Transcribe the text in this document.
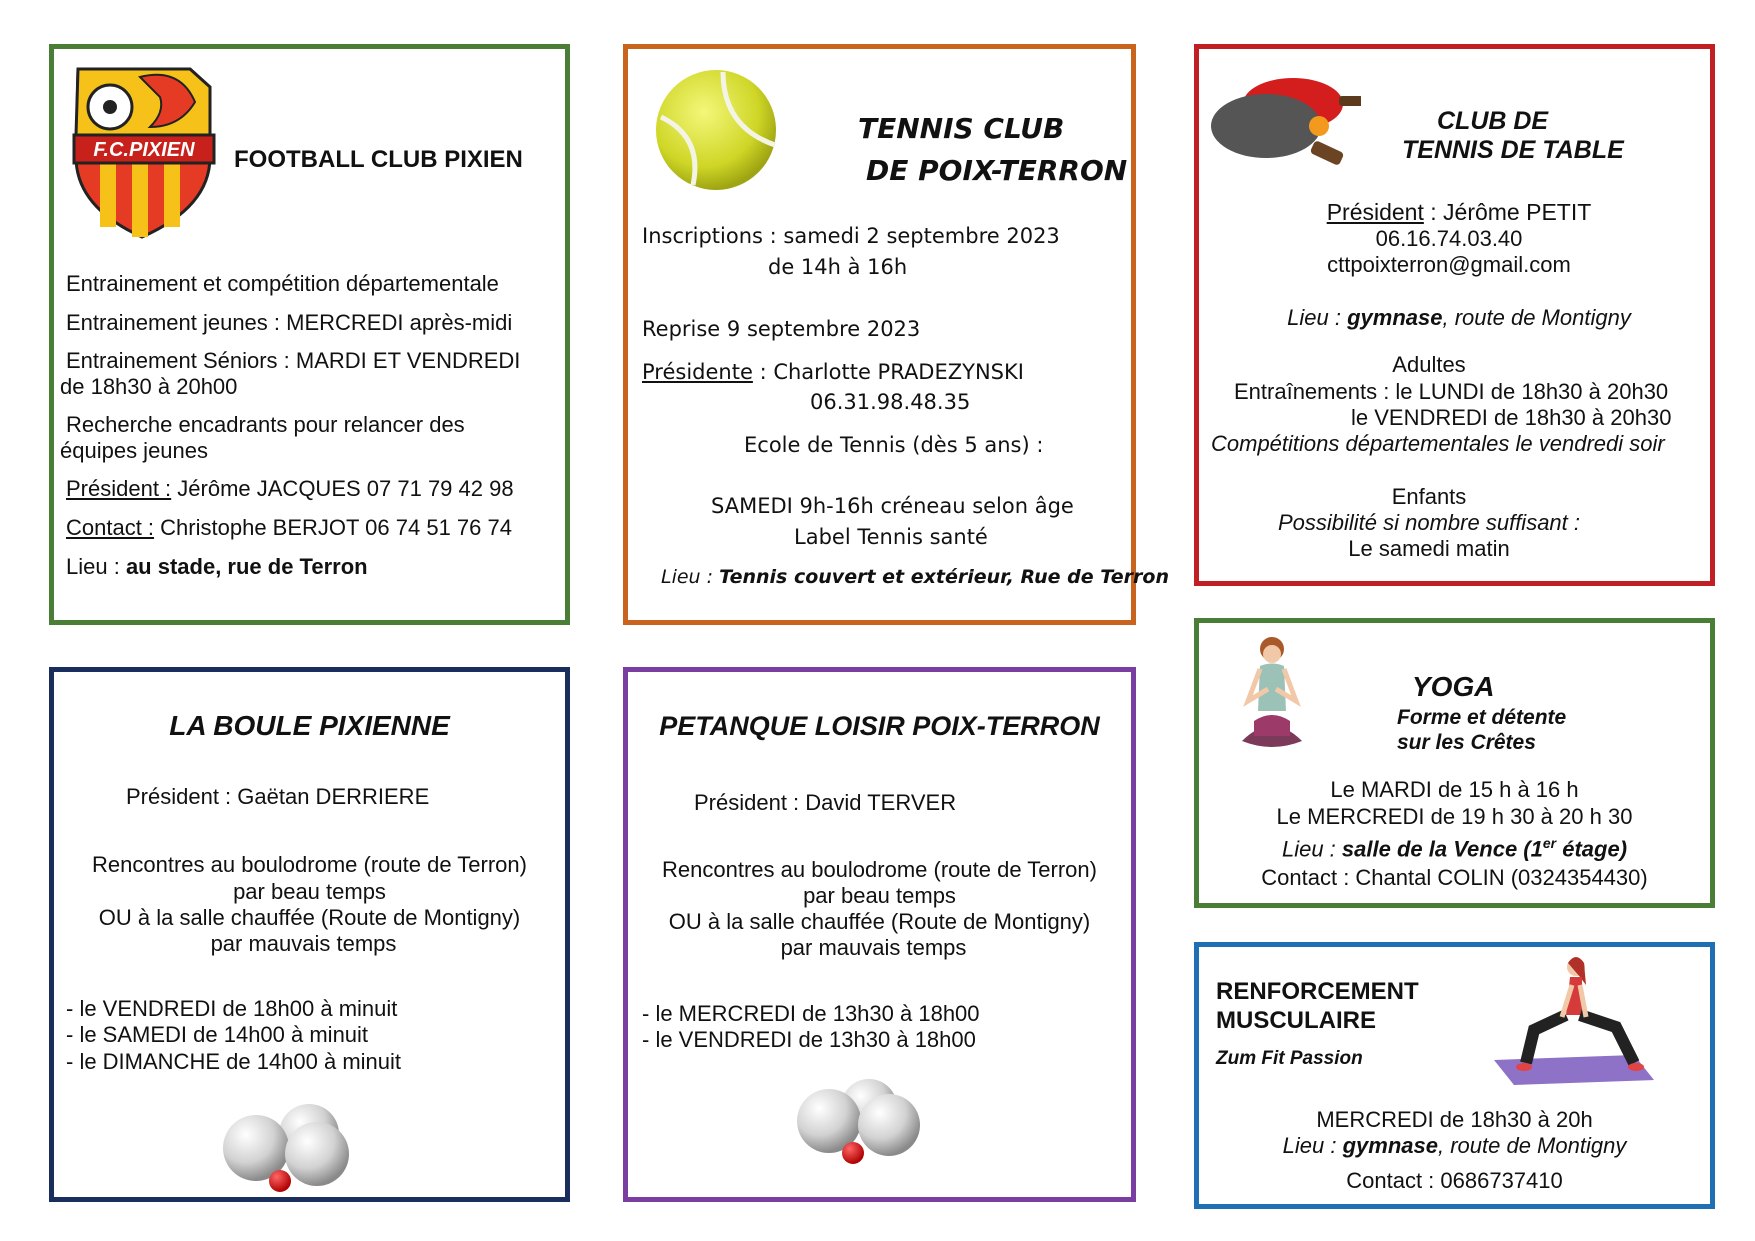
F.C.PIXIEN FOOTBALL CLUB PIXIEN
Entrainement et compétition départementale
Entrainement jeunes : MERCREDI après-midi
Entrainement Séniors : MARDI ET VENDREDI
de 18h30 à 20h00
Recherche encadrants pour relancer des
équipes jeunes
Président : Jérôme JACQUES 07 71 79 42 98
Contact : Christophe BERJOT 06 74 51 76 74
Lieu : au stade, rue de Terron
TENNIS CLUB
DE POIX-TERRON
Inscriptions : samedi 2 septembre 2023
de 14h à 16h
Reprise 9 septembre 2023
Présidente : Charlotte PRADEZYNSKI
06.31.98.48.35
Ecole de Tennis (dès 5 ans) :
SAMEDI 9h-16h créneau selon âge
Label Tennis santé
Lieu : Tennis couvert et extérieur, Rue de Terron
CLUB DE
TENNIS DE TABLE
Président : Jérôme PETIT
06.16.74.03.40
cttpoixterron@gmail.com
Lieu : gymnase, route de Montigny
Adultes
Entraînements : le LUNDI de 18h30 à 20h30
le VENDREDI de 18h30 à 20h30
Compétitions départementales le vendredi soir
Enfants
Possibilité si nombre suffisant :
Le samedi matin
LA BOULE PIXIENNE
Président : Gaëtan DERRIERE
Rencontres au boulodrome (route de Terron)
par beau temps
OU à la salle chauffée (Route de Montigny)
par mauvais temps
- le VENDREDI de 18h00 à minuit
- le SAMEDI de 14h00 à minuit
- le DIMANCHE de 14h00 à minuit
PETANQUE LOISIR POIX-TERRON
Président : David TERVER
Rencontres au boulodrome (route de Terron)
par beau temps
OU à la salle chauffée (Route de Montigny)
par mauvais temps
- le MERCREDI de 13h30 à 18h00
- le VENDREDI de 13h30 à 18h00
YOGA
Forme et détente
sur les Crêtes
Le MARDI de 15 h à 16 h
Le MERCREDI de 19 h 30 à 20 h 30
Lieu : salle de la Vence (1er étage)
Contact : Chantal COLIN (0324354430)
RENFORCEMENT
MUSCULAIRE
Zum Fit Passion
MERCREDI de 18h30 à 20h
Lieu : gymnase, route de Montigny
Contact : 0686737410
